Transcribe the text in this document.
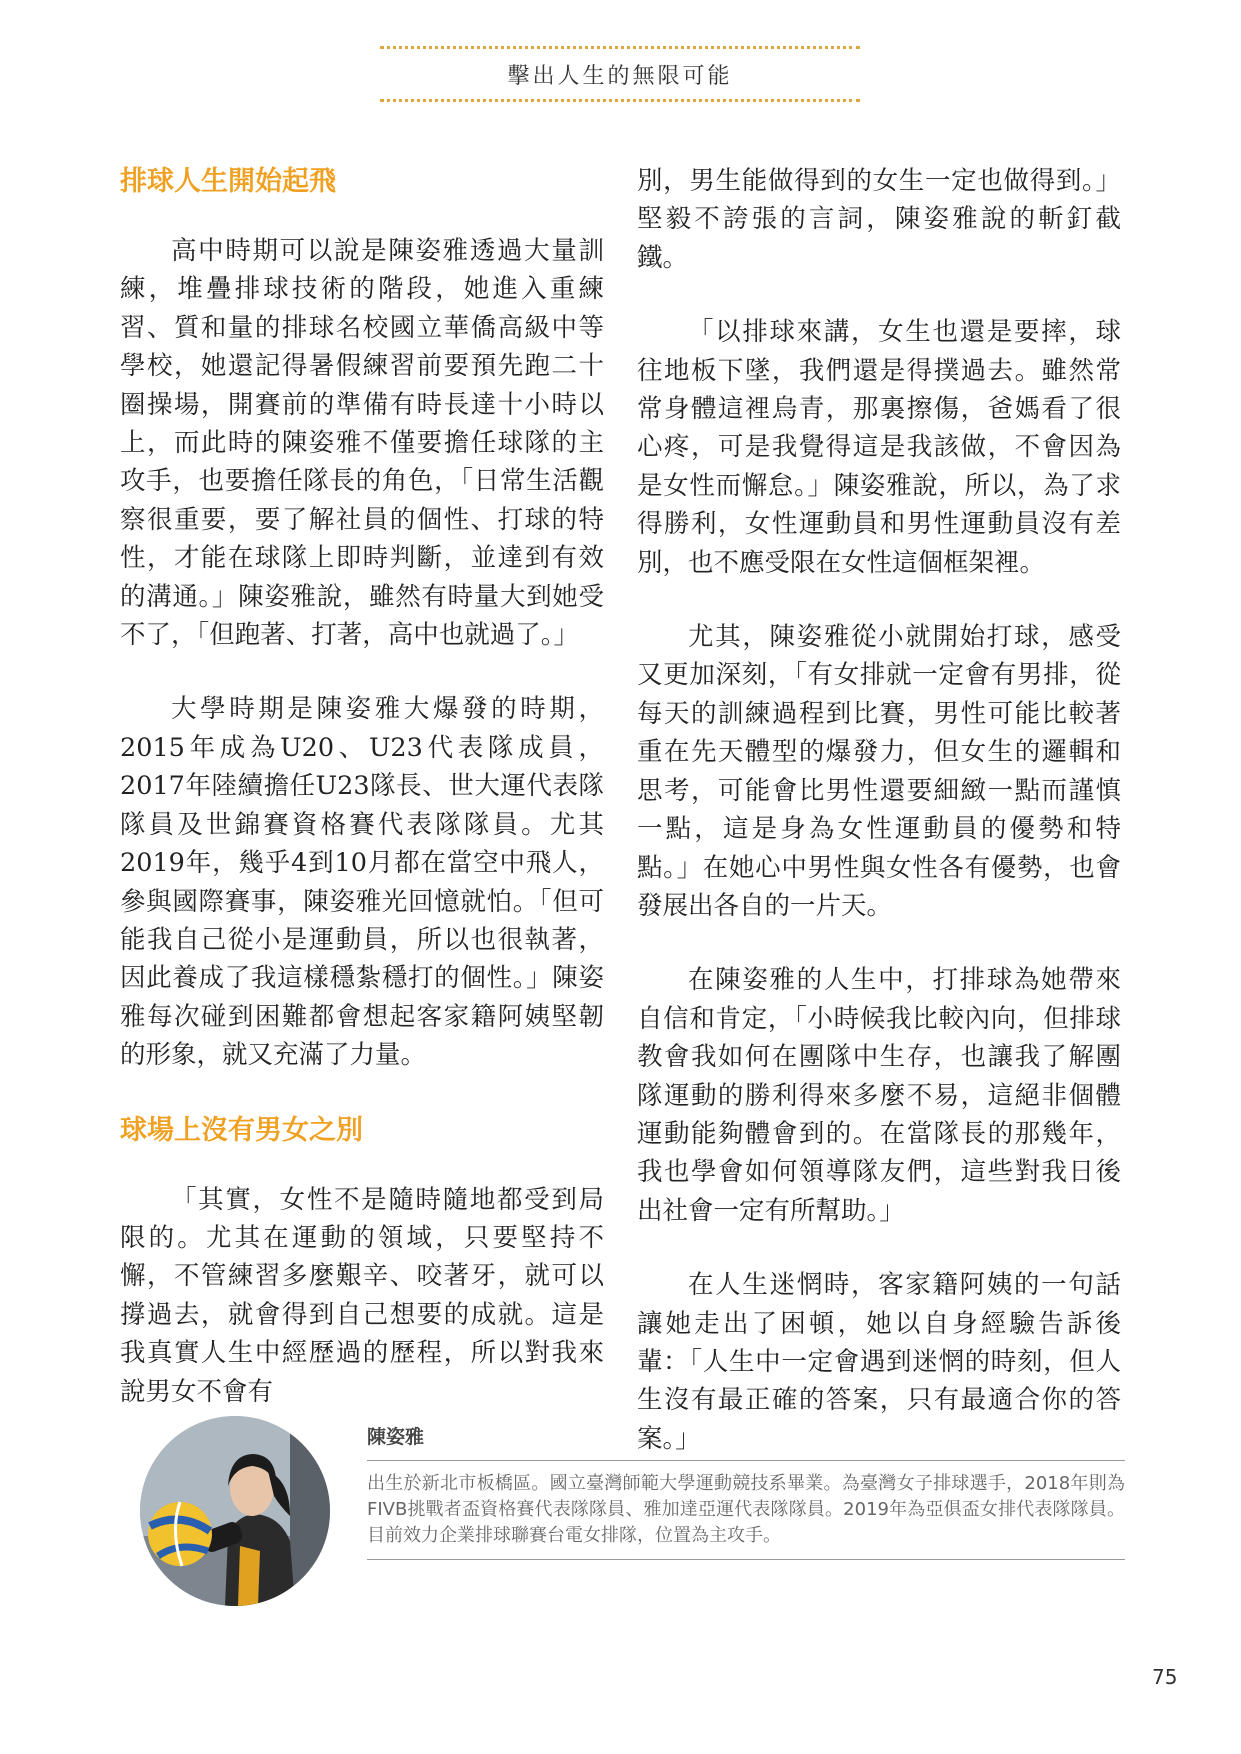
擊出人生的無限可能
排球人生開始起飛

高中時期可以說是陳姿雅透過大量訓練，堆疊排球技術的階段，她進入重練習、質和量的排球名校國立華僑高級中等學校，她還記得暑假練習前要預先跑二十圈操場，開賽前的準備有時長達十小時以上，而此時的陳姿雅不僅要擔任球隊的主攻手，也要擔任隊長的角色，「日常生活觀察很重要，要了解社員的個性、打球的特性，才能在球隊上即時判斷，並達到有效的溝通。」陳姿雅說，雖然有時量大到她受不了，「但跑著、打著，高中也就過了。」

大學時期是陳姿雅大爆發的時期，2015年成為U20、U23代表隊成員，2017年陸續擔任U23隊長、世大運代表隊隊員及世錦賽資格賽代表隊隊員。尤其2019年，幾乎4到10月都在當空中飛人，參與國際賽事，陳姿雅光回憶就怕。「但可能我自己從小是運動員，所以也很執著，因此養成了我這樣穩紮穩打的個性。」陳姿雅每次碰到困難都會想起客家籍阿姨堅韌的形象，就又充滿了力量。

球場上沒有男女之別

「其實，女性不是隨時隨地都受到局限的。尤其在運動的領域，只要堅持不懈，不管練習多麼艱辛、咬著牙，就可以撐過去，就會得到自己想要的成就。這是我真實人生中經歷過的歷程，所以對我來說男女不會有

別，男生能做得到的女生一定也做得到。」堅毅不誇張的言詞，陳姿雅說的斬釘截鐵。

「以排球來講，女生也還是要摔，球往地板下墜，我們還是得撲過去。雖然常常身體這裡烏青，那裏擦傷，爸媽看了很心疼，可是我覺得這是我該做，不會因為是女性而懈怠。」陳姿雅說，所以，為了求得勝利，女性運動員和男性運動員沒有差別，也不應受限在女性這個框架裡。

尤其，陳姿雅從小就開始打球，感受又更加深刻，「有女排就一定會有男排，從每天的訓練過程到比賽，男性可能比較著重在先天體型的爆發力，但女生的邏輯和思考，可能會比男性還要細緻一點而謹慎一點，這是身為女性運動員的優勢和特點。」在她心中男性與女性各有優勢，也會發展出各自的一片天。

在陳姿雅的人生中，打排球為她帶來自信和肯定，「小時候我比較內向，但排球教會我如何在團隊中生存，也讓我了解團隊運動的勝利得來多麼不易，這絕非個體運動能夠體會到的。在當隊長的那幾年，我也學會如何領導隊友們，這些對我日後出社會一定有所幫助。」

在人生迷惘時，客家籍阿姨的一句話讓她走出了困頓，她以自身經驗告訴後輩：「人生中一定會遇到迷惘的時刻，但人生沒有最正確的答案，只有最適合你的答案。」

陳姿雅
出生於新北市板橋區。國立臺灣師範大學運動競技系畢業。為臺灣女子排球選手，2018年則為FIVB挑戰者盃資格賽代表隊隊員、雅加達亞運代表隊隊員。2019年為亞俱盃女排代表隊隊員。目前效力企業排球聯賽台電女排隊，位置為主攻手。
75
